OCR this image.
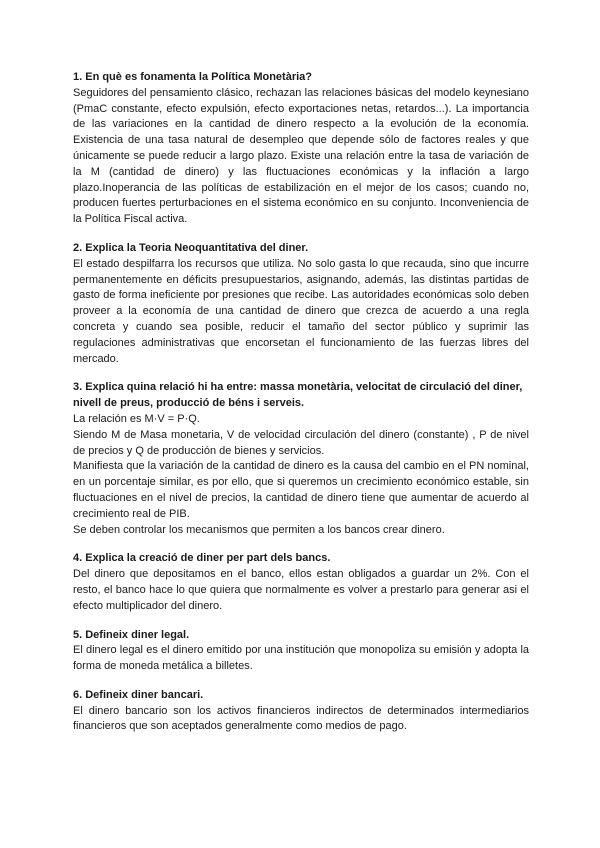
1. En què es fonamenta la Política Monetària?

Seguidores del pensamiento clásico, rechazan las relaciones básicas del modelo keynesiano (PmaC constante, efecto expulsión, efecto exportaciones netas, retardos...). La importancia de las variaciones en la cantidad de dinero respecto a la evolución de la economía. Existencia de una tasa natural de desempleo que depende sólo de factores reales y que únicamente se puede reducir a largo plazo. Existe una relación entre la tasa de variación de la M (cantidad de dinero) y las fluctuaciones económicas y la inflación a largo plazo.Inoperancia de las políticas de estabilización en el mejor de los casos; cuando no, producen fuertes perturbaciones en el sistema económico en su conjunto. Inconveniencia de la Política Fiscal activa.

2. Explica la Teoria Neoquantitativa del diner.

El estado despilfarra los recursos que utiliza. No solo gasta lo que recauda, sino que incurre permanentemente en déficits presupuestarios, asignando, además, las distintas partidas de gasto de forma ineficiente por presiones que recibe. Las autoridades económicas solo deben proveer a la economía de una cantidad de dinero que crezca de acuerdo a una regla concreta y cuando sea posible, reducir el tamaño del sector público y suprimir las regulaciones administrativas que encorsetan el funcionamiento de las fuerzas libres del mercado.

3. Explica quina relació hi ha entre: massa monetària, velocitat de circulació del diner, nivell de preus, producció de béns i serveis.

La relación es M·V = P·Q.

Siendo M de Masa monetaria, V de velocidad circulación del dinero (constante) , P de nivel de precios y Q de producción de bienes y servicios.

Manifiesta que la variación de la cantidad de dinero es la causa del cambio en el PN nominal, en un porcentaje similar, es por ello, que si queremos un crecimiento económico estable, sin fluctuaciones en el nivel de precios, la cantidad de dinero tiene que aumentar de acuerdo al crecimiento real de PIB.

Se deben controlar los mecanismos que permiten a los bancos crear dinero.

4. Explica la creació de diner per part dels bancs.

Del dinero que depositamos en el banco, ellos estan obligados a guardar un 2%. Con el resto, el banco hace lo que quiera que normalmente es volver a prestarlo para generar asi el efecto multiplicador del dinero.

5. Defineix diner legal.

El dinero legal es el dinero emitido por una institución que monopoliza su emisión y adopta la forma de moneda metálica a billetes.

6. Defineix diner bancari.

El dinero bancario son los activos financieros indirectos de determinados intermediarios financieros que son aceptados generalmente como medios de pago.
